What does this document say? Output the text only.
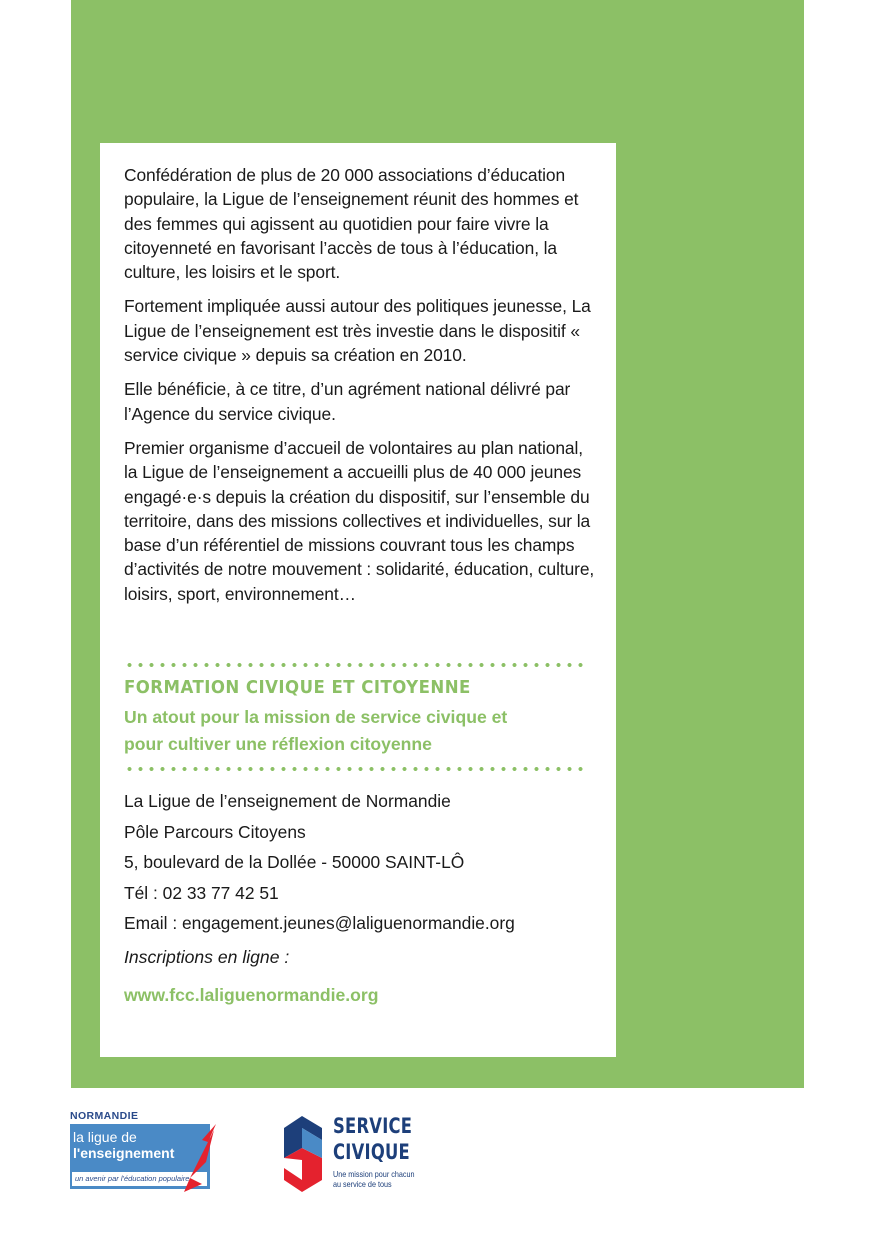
Confédération de plus de 20 000 associations d’éducation populaire, la Ligue de l’enseignement réunit des hommes et des femmes qui agissent au quotidien pour faire vivre la citoyenneté en favorisant l’accès de tous à l’éducation, la culture, les loisirs et le sport.

Fortement impliquée aussi autour des politiques jeunesse, La Ligue de l’enseignement est très investie dans le dispositif « service civique » depuis sa création en 2010.

Elle bénéficie, à ce titre, d’un agrément national délivré par l’Agence du service civique.

Premier organisme d’accueil de volontaires au plan national, la Ligue de l’enseignement a accueilli plus de 40 000 jeunes engagé·e·s depuis la création du dispositif, sur l’ensemble du territoire, dans des missions collectives et individuelles, sur la base d’un référentiel de missions couvrant tous les champs d’activités de notre mouvement : solidarité, éducation, culture, loisirs, sport, environnement…

FORMATION CIVIQUE ET CITOYENNE
Un atout pour la mission de service civique et
pour cultiver une réflexion citoyenne
La Ligue de l’enseignement de Normandie
Pôle Parcours Citoyens
5, boulevard de la Dollée - 50000 SAINT-LÔ
Tél : 02 33 77 42 51
Email : engagement.jeunes@laliguenormandie.org
Inscriptions en ligne :
www.fcc.laliguenormandie.org
NORMANDIE
la ligue de
l'enseignement
un avenir par l'éducation populaire
SERVICE
CIVIQUE
Une mission pour chacun
au service de tous
